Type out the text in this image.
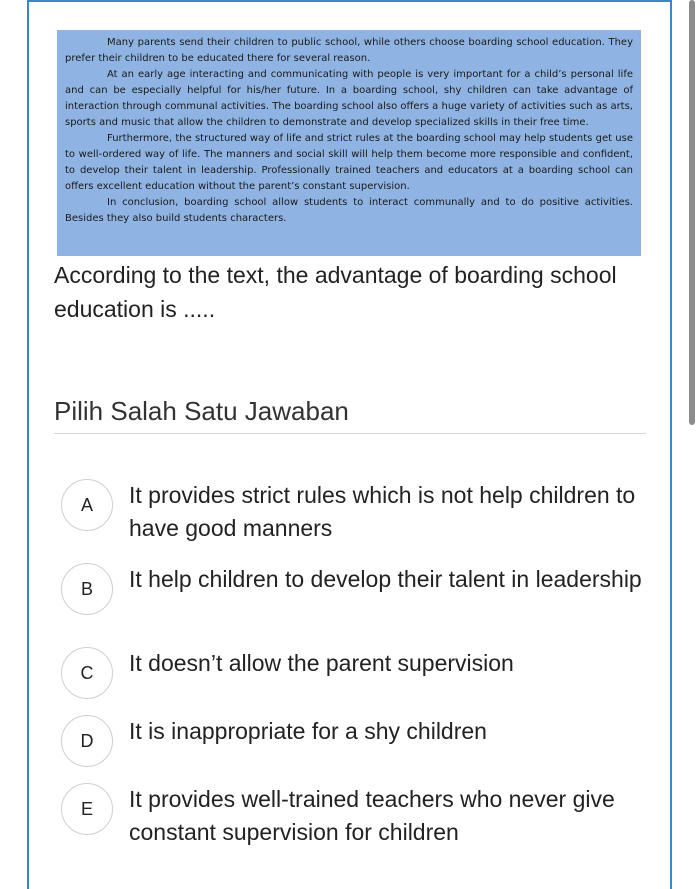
Many parents send their children to public school, while others choose boarding school education. They prefer their children to be educated there for several reason.

At an early age interacting and communicating with people is very important for a child’s personal life and can be especially helpful for his/her future. In a boarding school, shy children can take advantage of interaction through communal activities. The boarding school also offers a huge variety of activities such as arts, sports and music that allow the children to demonstrate and develop specialized skills in their free time.

Furthermore, the structured way of life and strict rules at the boarding school may help students get use to well-ordered way of life. The manners and social skill will help them become more responsible and confident, to develop their talent in leadership. Professionally trained teachers and educators at a boarding school can offers excellent education without the parent’s constant supervision.

In conclusion, boarding school allow students to interact communally and to do positive activities. Besides they also build students characters.

According to the text, the advantage of boarding school education is .....
Pilih Salah Satu Jawaban
A	It provides strict rules which is not help children to have good manners
B	It help children to develop their talent in leadership
C	It doesn’t allow the parent supervision
D	It is inappropriate for a shy children
E	It provides well-trained teachers who never give constant supervision for children
